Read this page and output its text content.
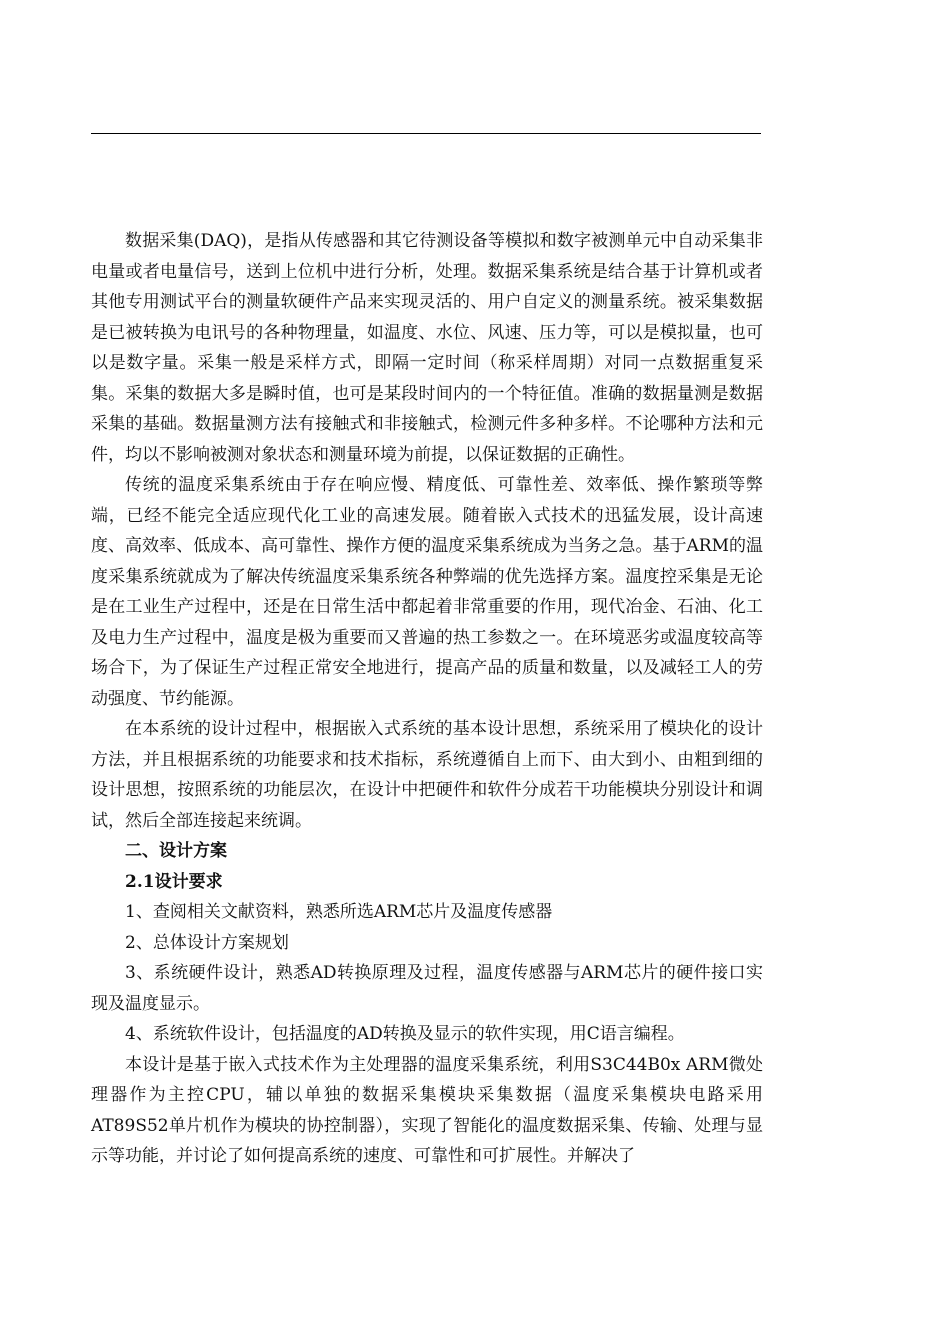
数据采集(DAQ)，是指从传感器和其它待测设备等模拟和数字被测单元中自动采集非电量或者电量信号，送到上位机中进行分析，处理。数据采集系统是结合基于计算机或者其他专用测试平台的测量软硬件产品来实现灵活的、用户自定义的测量系统。被采集数据是已被转换为电讯号的各种物理量，如温度、水位、风速、压力等，可以是模拟量，也可以是数字量。采集一般是采样方式，即隔一定时间（称采样周期）对同一点数据重复采集。采集的数据大多是瞬时值，也可是某段时间内的一个特征值。准确的数据量测是数据采集的基础。数据量测方法有接触式和非接触式，检测元件多种多样。不论哪种方法和元件，均以不影响被测对象状态和测量环境为前提，以保证数据的正确性。

传统的温度采集系统由于存在响应慢、精度低、可靠性差、效率低、操作繁琐等弊端，已经不能完全适应现代化工业的高速发展。随着嵌入式技术的迅猛发展，设计高速度、高效率、低成本、高可靠性、操作方便的温度采集系统成为当务之急。基于ARM的温度采集系统就成为了解决传统温度采集系统各种弊端的优先选择方案。温度控采集是无论是在工业生产过程中，还是在日常生活中都起着非常重要的作用，现代冶金、石油、化工及电力生产过程中，温度是极为重要而又普遍的热工参数之一。在环境恶劣或温度较高等场合下，为了保证生产过程正常安全地进行，提高产品的质量和数量，以及减轻工人的劳动强度、节约能源。

在本系统的设计过程中，根据嵌入式系统的基本设计思想，系统采用了模块化的设计方法，并且根据系统的功能要求和技术指标，系统遵循自上而下、由大到小、由粗到细的设计思想，按照系统的功能层次，在设计中把硬件和软件分成若干功能模块分别设计和调试，然后全部连接起来统调。

二、设计方案

2.1设计要求

1、查阅相关文献资料，熟悉所选ARM芯片及温度传感器

2、总体设计方案规划

3、系统硬件设计，熟悉AD转换原理及过程，温度传感器与ARM芯片的硬件接口实现及温度显示。

4、系统软件设计，包括温度的AD转换及显示的软件实现，用C语言编程。

本设计是基于嵌入式技术作为主处理器的温度采集系统，利用S3C44B0x ARM微处理器作为主控CPU，辅以单独的数据采集模块采集数据（温度采集模块电路采用AT89S52单片机作为模块的协控制器），实现了智能化的温度数据采集、传输、处理与显示等功能，并讨论了如何提高系统的速度、可靠性和可扩展性。并解决了
